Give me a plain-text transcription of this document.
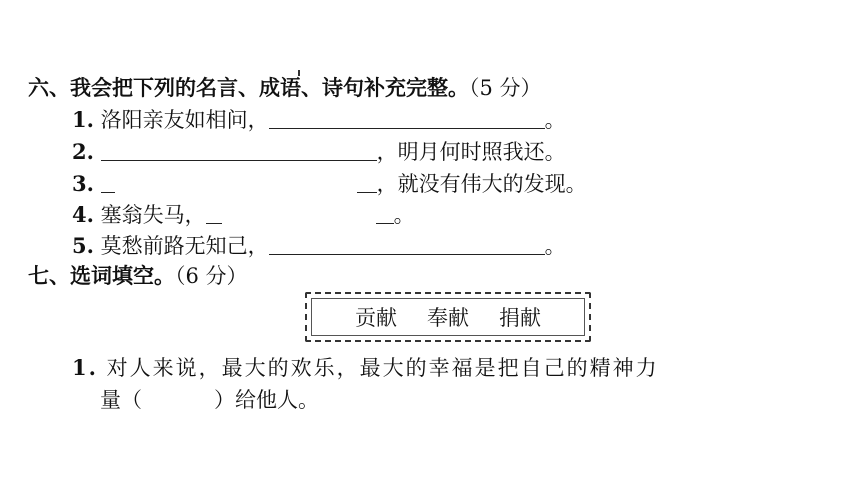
六、我会把下列的名言、成语、诗句补充完整。（5 分）
1. 洛阳亲友如相问，	。
2.	，明月何时照我还。
3.	，就没有伟大的发现。
4. 塞翁失马，	。
5. 莫愁前路无知己，	。
七、选词填空。（6 分）
贡献 奉献 捐献
1. 对人来说，最大的欢乐，最大的幸福是把自己的精神力
量（	）给他人。
